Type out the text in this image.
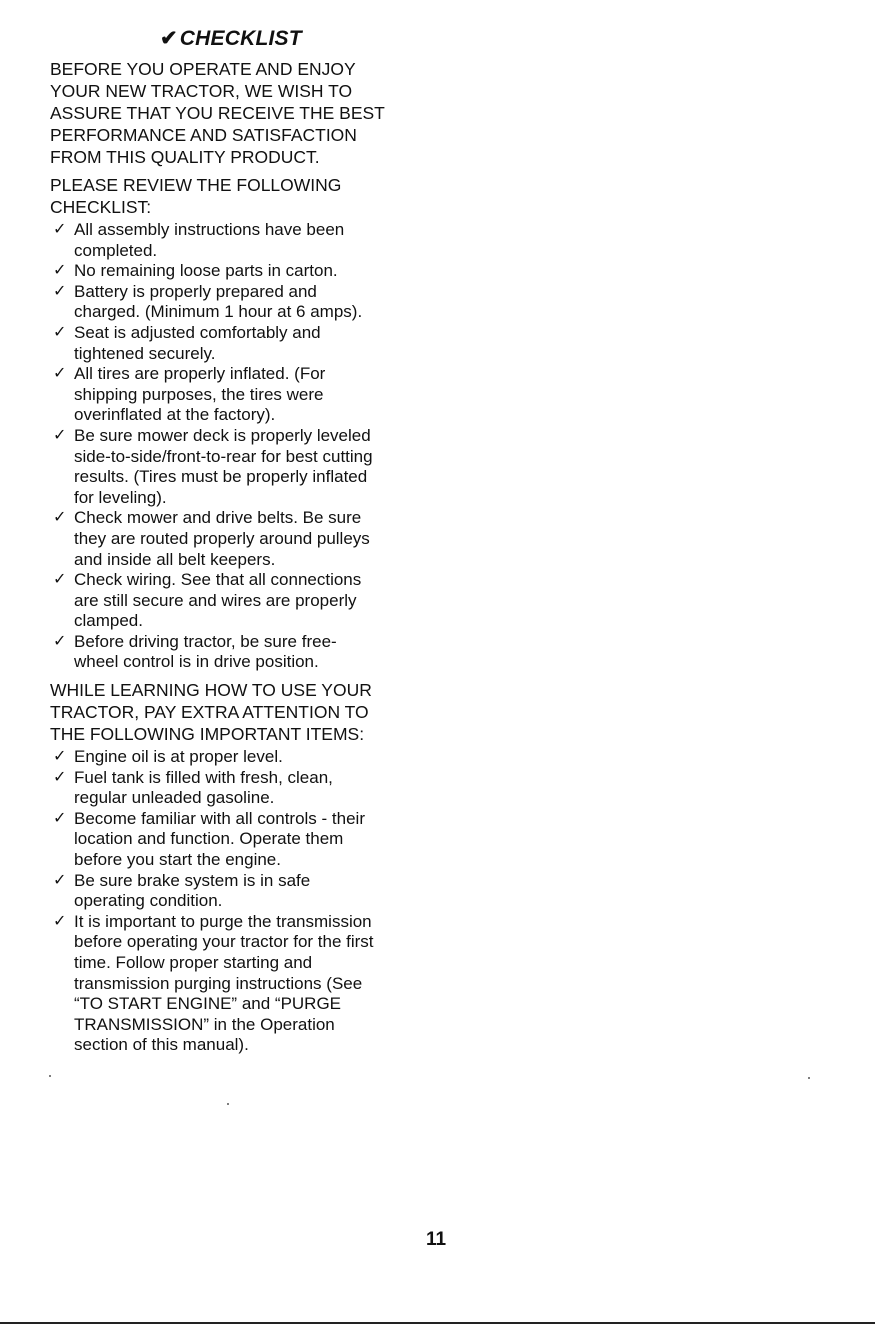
✔CHECKLIST
BEFORE YOU OPERATE AND ENJOY
YOUR NEW TRACTOR, WE WISH TO
ASSURE THAT YOU RECEIVE THE BEST
PERFORMANCE AND SATISFACTION
FROM THIS QUALITY PRODUCT.
PLEASE REVIEW THE FOLLOWING
CHECKLIST:
✓ All assembly instructions have been
completed.
✓ No remaining loose parts in carton.
✓ Battery is properly prepared and
charged. (Minimum 1 hour at 6 amps).
✓ Seat is adjusted comfortably and
tightened securely.
✓ All tires are properly inflated. (For
shipping purposes, the tires were
overinflated at the factory).
✓ Be sure mower deck is properly leveled
side-to-side/front-to-rear for best cutting
results. (Tires must be properly inflated
for leveling).
✓ Check mower and drive belts. Be sure
they are routed properly around pulleys
and inside all belt keepers.
✓ Check wiring. See that all connections
are still secure and wires are properly
clamped.
✓ Before driving tractor, be sure free-
wheel control is in drive position.
WHILE LEARNING HOW TO USE YOUR
TRACTOR, PAY EXTRA ATTENTION TO
THE FOLLOWING IMPORTANT ITEMS:
✓ Engine oil is at proper level.
✓ Fuel tank is filled with fresh, clean,
regular unleaded gasoline.
✓ Become familiar with all controls - their
location and function. Operate them
before you start the engine.
✓ Be sure brake system is in safe
operating condition.
✓ It is important to purge the transmission
before operating your tractor for the first
time. Follow proper starting and
transmission purging instructions (See
“TO START ENGINE” and “PURGE
TRANSMISSION” in the Operation
section of this manual).
11
